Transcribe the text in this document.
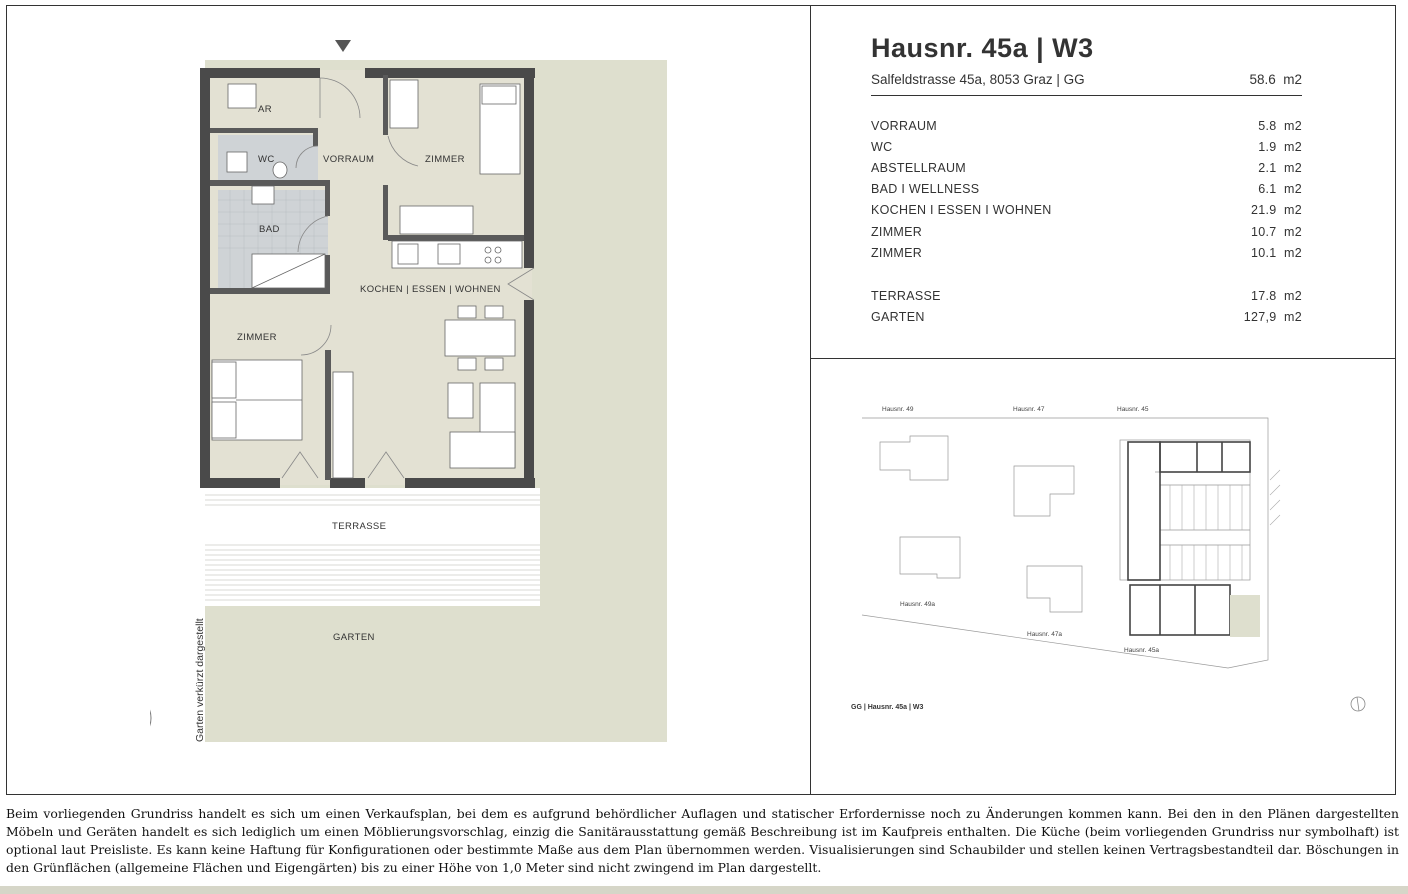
AR
WC	VORRAUM	ZIMMER
BAD
KOCHEN | ESSEN | WOHNEN
ZIMMER
TERRASSE
GARTEN
Garten verkürzt dargestellt
Hausnr. 45a | W3
Salfeldstrasse 45a, 8053 Graz | GG	58.6  m2
VORRAUM	5.8  m2
WC	1.9  m2
ABSTELLRAUM	2.1  m2
BAD I WELLNESS	6.1  m2
KOCHEN I ESSEN I WOHNEN	21.9  m2
ZIMMER	10.7  m2
ZIMMER	10.1  m2
TERRASSE	17.8  m2
GARTEN	127,9  m2
Hausnr. 49	Hausnr. 47	Hausnr. 45
Hausnr. 49a
Hausnr. 47a
Hausnr. 45a
GG | Hausnr. 45a | W3
Beim vorliegenden Grundriss handelt es sich um einen Verkaufsplan, bei dem es aufgrund behördlicher Auflagen und statischer Erfordernisse noch zu Änderungen kommen kann. Bei den in den Plänen dargestellten Möbeln und Geräten handelt es sich lediglich um einen Möblierungsvorschlag, einzig die Sanitärausstattung gemäß Beschreibung ist im Kaufpreis enthalten. Die Küche (beim vorliegenden Grundriss nur symbolhaft) ist optional laut Preisliste. Es kann keine Haftung für Konfigurationen oder bestimmte Maße aus dem Plan übernommen werden. Visualisierungen sind Schaubilder und stellen keinen Vertragsbestandteil dar. Böschungen in den Grünflächen (allgemeine Flächen und Eigengärten) bis zu einer Höhe von 1,0 Meter sind nicht zwingend im Plan dargestellt.
